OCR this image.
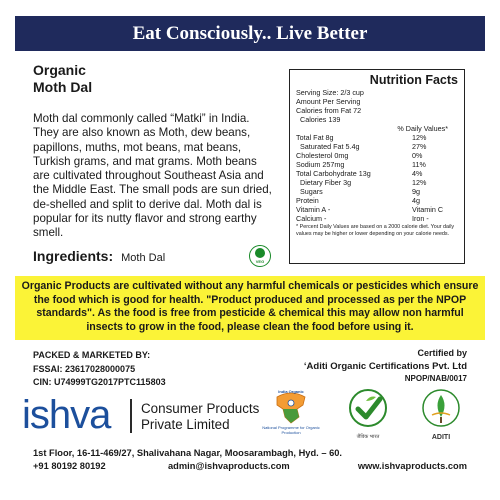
Eat Consciously.. Live Better
Organic
Moth Dal
Moth dal commonly called “Matki” in India. They are also known as Moth, dew beans, papillons, muths, mot beans, mat beans, Turkish grams, and mat grams. Moth beans are cultivated throughout Southeast Asia and the Middle East. The small pods are sun dried, de-shelled and split to derive dal. Moth dal is popular for its nutty flavor and strong earthy smell.
Ingredients: Moth Dal	VEG
Nutrition Facts
Serving Size: 2/3 cup
Amount Per Serving
Calories from Fat 72
Calories 139
% Daily Values*
Total Fat 8g	12%
Saturated Fat 5.4g	27%
Cholesterol 0mg	0%
Sodium 257mg	11%
Total Carbohydrate 13g	4%
Dietary Fiber 3g	12%
Sugars	9g
Protein	4g
Vitamin A -	Vitamin C
Calcium -	Iron -
* Percent Daily Values are based on a 2000 calorie diet. Your daily values may be higher or lower depending on your calorie needs.
Organic Products are cultivated without any harmful chemicals or pesticides which ensure the food which is good for health. "Product produced and processed as per the NPOP standards". As the food is free from pesticide & chemical this may allow non harmful insects to grow in the food, please clean the food before using it.
PACKED & MARKETED BY:
FSSAI: 23617028000075
CIN: U74999TG2017PTC115803
Certified by
‘Aditi Organic Certifications Pvt. Ltd
NPOP/NAB/0017
ishva Consumer Products
Private Limited
India Organic
National Programme for Organic Production
जैविक भारत	ADITI
1st Floor, 16-11-469/27, Shalivahana Nagar, Moosarambagh, Hyd. – 60.
+91 80192 80192	admin@ishvaproducts.com	www.ishvaproducts.com
